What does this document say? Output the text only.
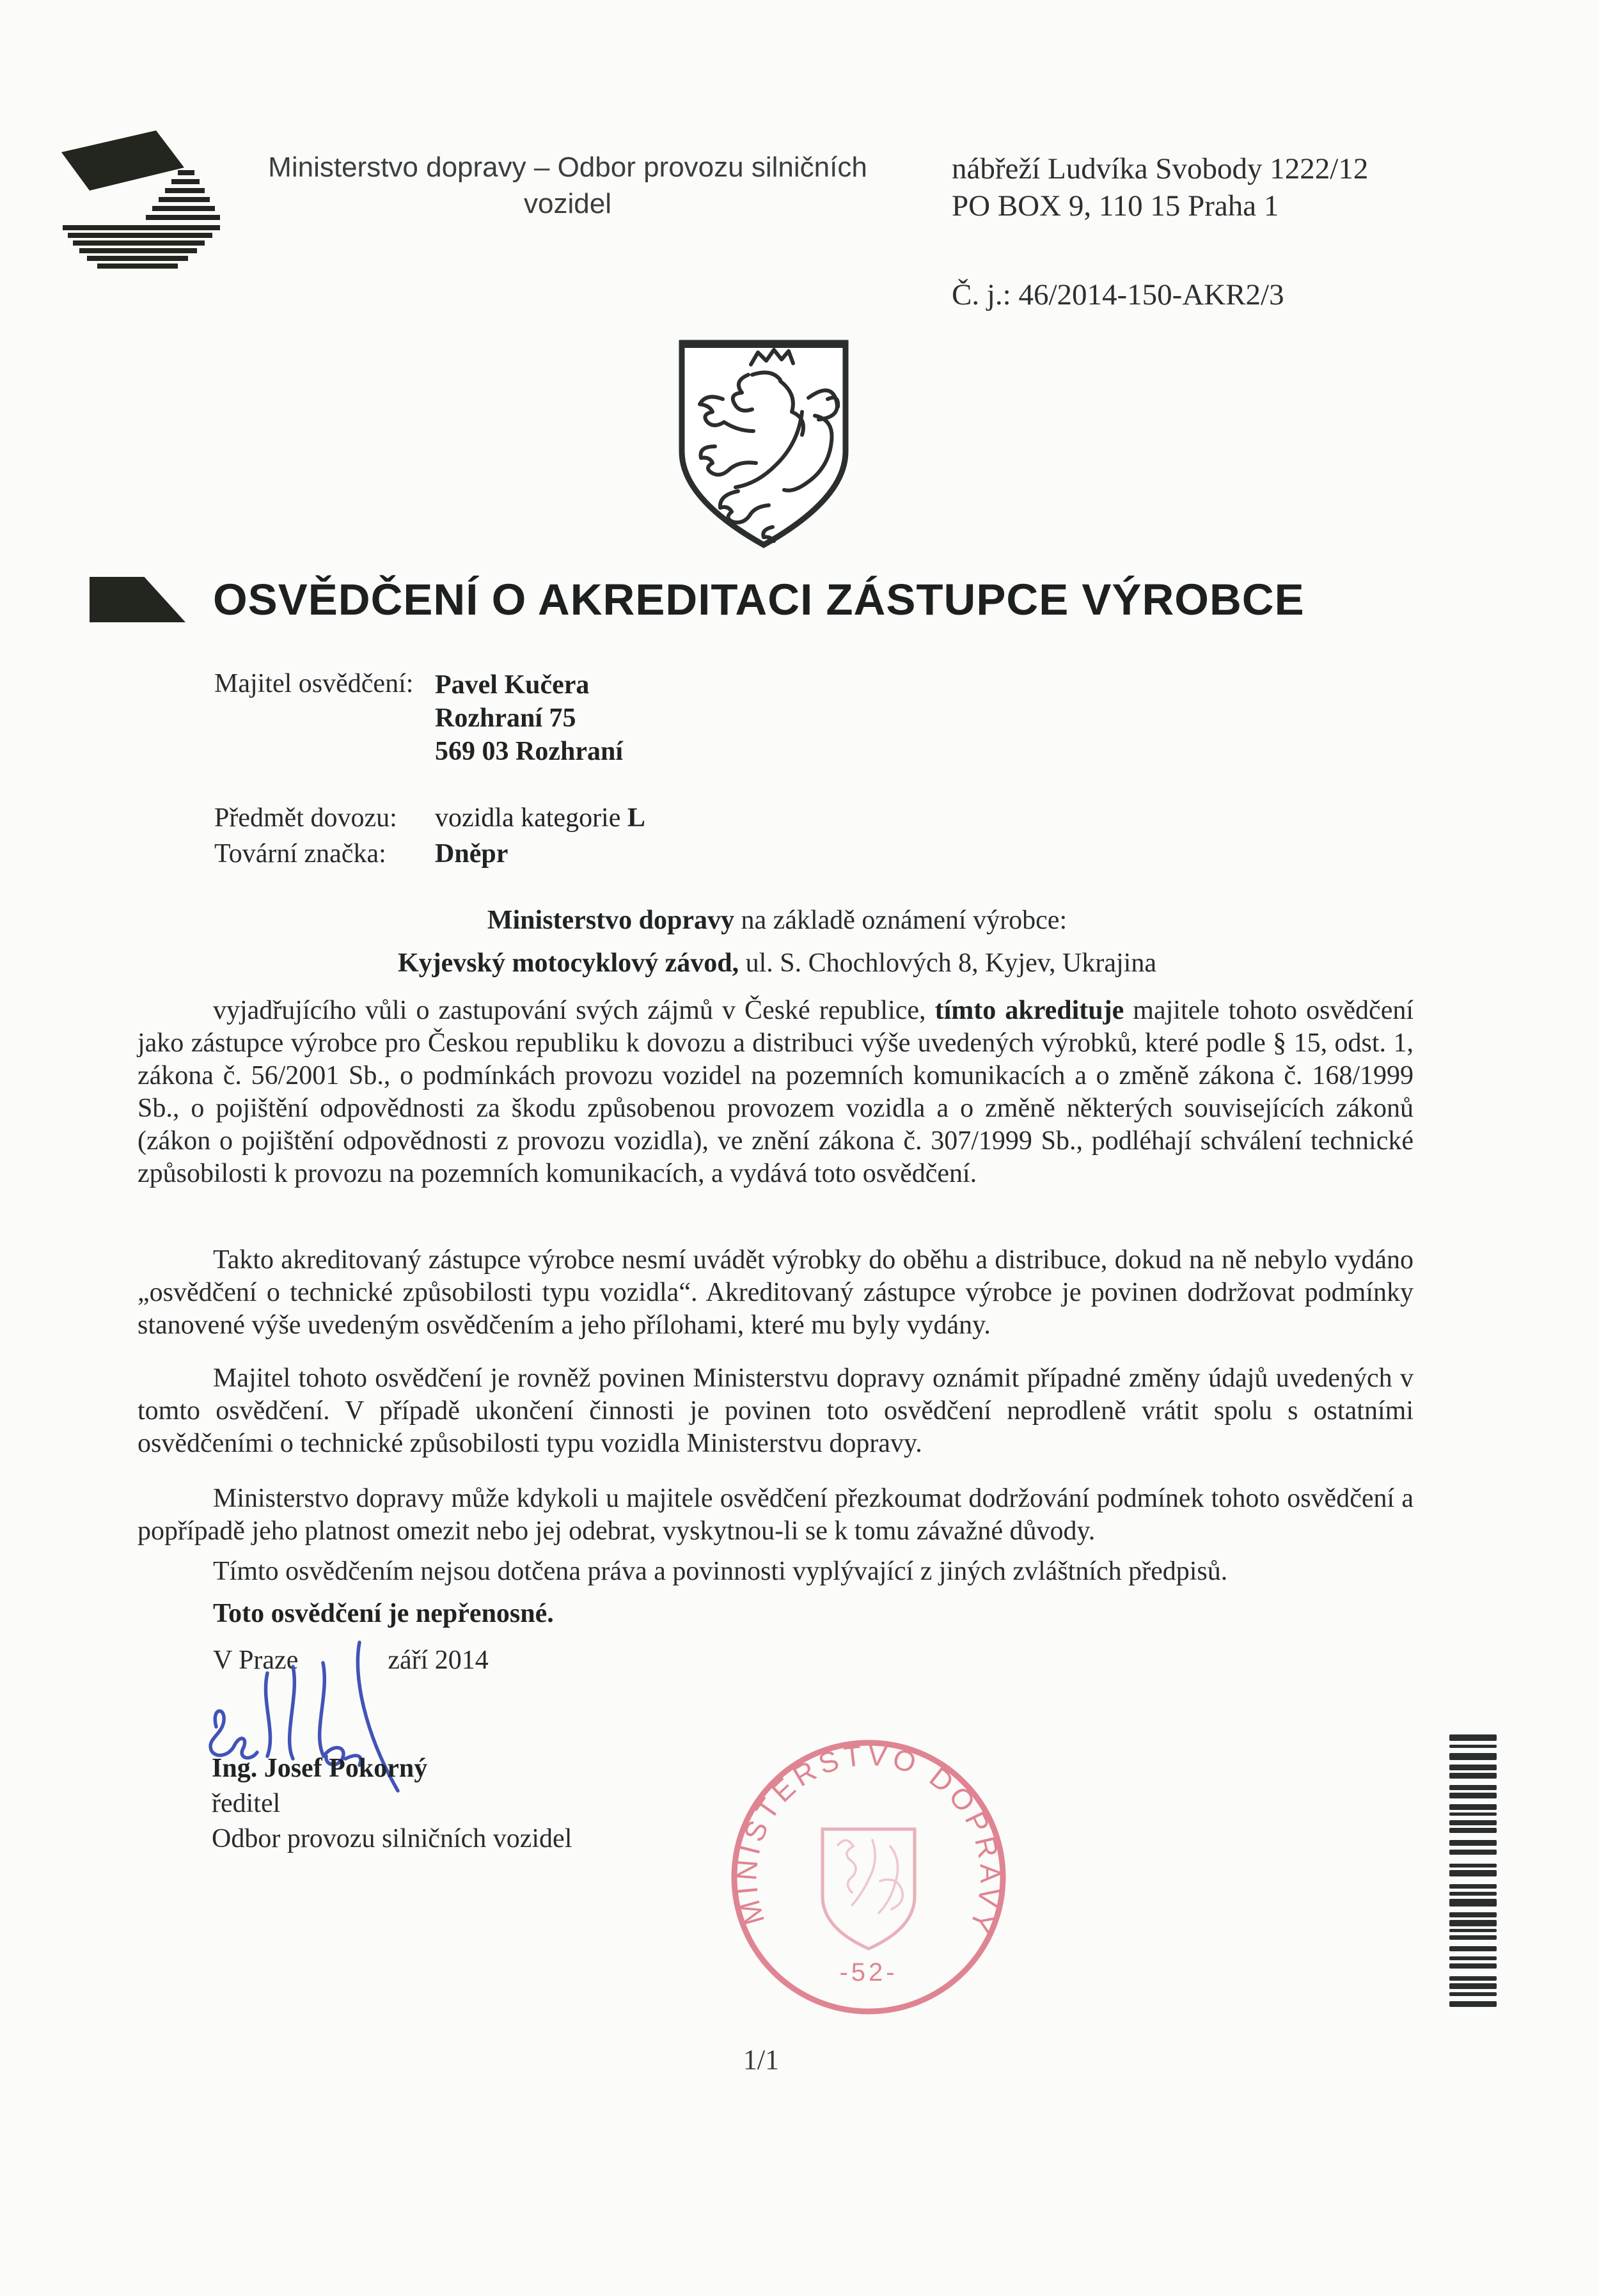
Ministerstvo dopravy – Odbor provozu silničních
vozidel
nábřeží Ludvíka Svobody 1222/12
PO BOX 9, 110 15 Praha 1
Č. j.: 46/2014-150-AKR2/3
OSVĚDČENÍ O AKREDITACI ZÁSTUPCE VÝROBCE
Majitel osvědčení: Pavel Kučera
Rozhraní 75
569 03 Rozhraní
Předmět dovozu: vozidla kategorie L
Tovární značka: Dněpr
Ministerstvo dopravy na základě oznámení výrobce:
Kyjevský motocyklový závod, ul. S. Chochlových 8, Kyjev, Ukrajina
vyjadřujícího vůli o zastupování svých zájmů v České republice, tímto akredituje majitele tohoto osvědčení jako zástupce výrobce pro Českou republiku k dovozu a distribuci výše uvedených výrobků, které podle § 15, odst. 1, zákona č. 56/2001 Sb., o podmínkách provozu vozidel na pozemních komunikacích a o změně zákona č. 168/1999 Sb., o pojištění odpovědnosti za škodu způsobenou provozem vozidla a o změně některých souvisejících zákonů (zákon o pojištění odpovědnosti z provozu vozidla), ve znění zákona č. 307/1999 Sb., podléhají schválení technické způsobilosti k provozu na pozemních komunikacích, a vydává toto osvědčení.
Takto akreditovaný zástupce výrobce nesmí uvádět výrobky do oběhu a distribuce, dokud na ně nebylo vydáno „osvědčení o technické způsobilosti typu vozidla“. Akreditovaný zástupce výrobce je povinen dodržovat podmínky stanovené výše uvedeným osvědčením a jeho přílohami, které mu byly vydány.
Majitel tohoto osvědčení je rovněž povinen Ministerstvu dopravy oznámit případné změny údajů uvedených v tomto osvědčení. V případě ukončení činnosti je povinen toto osvědčení neprodleně vrátit spolu s ostatními osvědčeními o technické způsobilosti typu vozidla Ministerstvu dopravy.
Ministerstvo dopravy může kdykoli u majitele osvědčení přezkoumat dodržování podmínek tohoto osvědčení a popřípadě jeho platnost omezit nebo jej odebrat, vyskytnou-li se k tomu závažné důvody.
Tímto osvědčením nejsou dotčena práva a povinnosti vyplývající z jiných zvláštních předpisů.
Toto osvědčení je nepřenosné.
V Praze	září 2014
Ing. Josef Pokorný
ředitel
Odbor provozu silničních vozidel
MINISTERSTVO DOPRAVY
-52-
1/1
